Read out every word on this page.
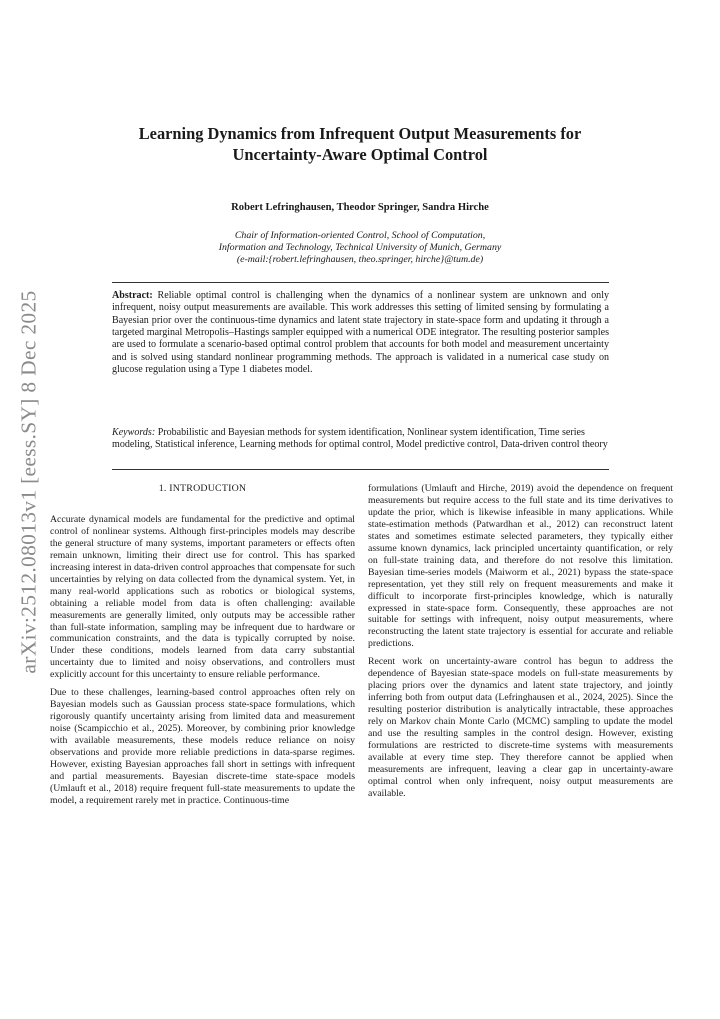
arXiv:2512.08013v1 [eess.SY] 8 Dec 2025
Learning Dynamics from Infrequent Output Measurements for Uncertainty-Aware Optimal Control
Robert Lefringhausen, Theodor Springer, Sandra Hirche
Chair of Information-oriented Control, School of Computation,
Information and Technology, Technical University of Munich, Germany
(e-mail:{robert.lefringhausen, theo.springer, hirche}@tum.de)
Abstract: Reliable optimal control is challenging when the dynamics of a nonlinear system are unknown and only infrequent, noisy output measurements are available. This work addresses this setting of limited sensing by formulating a Bayesian prior over the continuous-time dynamics and latent state trajectory in state-space form and updating it through a targeted marginal Metropolis–Hastings sampler equipped with a numerical ODE integrator. The resulting posterior samples are used to formulate a scenario-based optimal control problem that accounts for both model and measurement uncertainty and is solved using standard nonlinear programming methods. The approach is validated in a numerical case study on glucose regulation using a Type 1 diabetes model.
Keywords: Probabilistic and Bayesian methods for system identification, Nonlinear system identification, Time series modeling, Statistical inference, Learning methods for optimal control, Model predictive control, Data-driven control theory
1. INTRODUCTION

Accurate dynamical models are fundamental for the predictive and optimal control of nonlinear systems. Although first-principles models may describe the general structure of many systems, important parameters or effects often remain unknown, limiting their direct use for control. This has sparked increasing interest in data-driven control approaches that compensate for such uncertainties by relying on data collected from the dynamical system. Yet, in many real-world applications such as robotics or biological systems, obtaining a reliable model from data is often challenging: available measurements are generally limited, only outputs may be accessible rather than full-state information, sampling may be infrequent due to hardware or communication constraints, and the data is typically corrupted by noise. Under these conditions, models learned from data carry substantial uncertainty due to limited and noisy observations, and controllers must explicitly account for this uncertainty to ensure reliable performance.

Due to these challenges, learning-based control approaches often rely on Bayesian models such as Gaussian process state-space formulations, which rigorously quantify uncertainty arising from limited data and measurement noise (Scampicchio et al., 2025). Moreover, by combining prior knowledge with available measurements, these models reduce reliance on noisy observations and provide more reliable predictions in data-sparse regimes. However, existing Bayesian approaches fall short in settings with infrequent and partial measurements. Bayesian discrete-time state-space models (Umlauft et al., 2018) require frequent full-state measurements to update the model, a requirement rarely met in practice. Continuous-time

formulations (Umlauft and Hirche, 2019) avoid the dependence on frequent measurements but require access to the full state and its time derivatives to update the prior, which is likewise infeasible in many applications. While state-estimation methods (Patwardhan et al., 2012) can reconstruct latent states and sometimes estimate selected parameters, they typically either assume known dynamics, lack principled uncertainty quantification, or rely on full-state training data, and therefore do not resolve this limitation. Bayesian time-series models (Maiworm et al., 2021) bypass the state-space representation, yet they still rely on frequent measurements and make it difficult to incorporate first-principles knowledge, which is naturally expressed in state-space form. Consequently, these approaches are not suitable for settings with infrequent, noisy output measurements, where reconstructing the latent state trajectory is essential for accurate and reliable predictions.

Recent work on uncertainty-aware control has begun to address the dependence of Bayesian state-space models on full-state measurements by placing priors over the dynamics and latent state trajectory, and jointly inferring both from output data (Lefringhausen et al., 2024, 2025). Since the resulting posterior distribution is analytically intractable, these approaches rely on Markov chain Monte Carlo (MCMC) sampling to update the model and use the resulting samples in the control design. However, existing formulations are restricted to discrete-time systems with measurements available at every time step. They therefore cannot be applied when measurements are infrequent, leaving a clear gap in uncertainty-aware optimal control when only infrequent, noisy output measurements are available.
